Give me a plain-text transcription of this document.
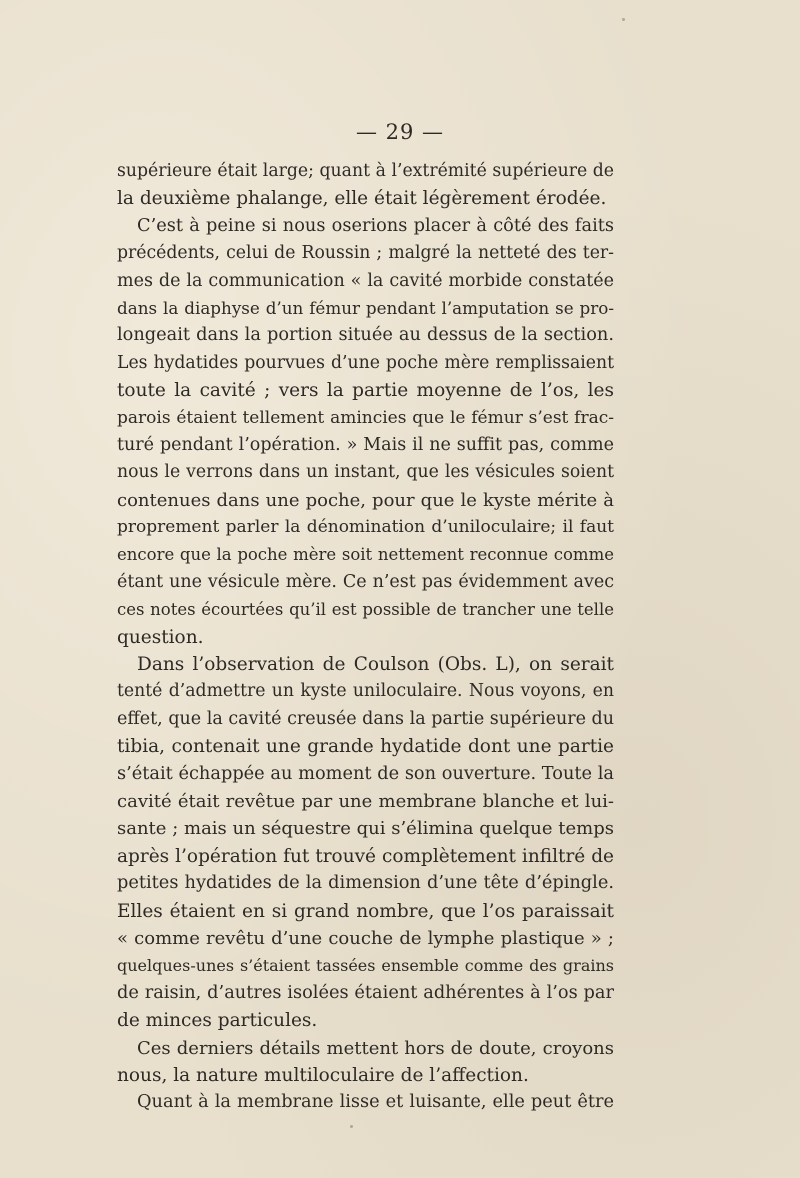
— 29 —
supérieure était large; quant à l’extrémité supérieure de
la deuxième phalange, elle était légèrement érodée.
C’est à peine si nous oserions placer à côté des faits
précédents, celui de Roussin ; malgré la netteté des ter-
mes de la communication « la cavité morbide constatée
dans la diaphyse d’un fémur pendant l’amputation se pro-
longeait dans la portion située au dessus de la section.
Les hydatides pourvues d’une poche mère remplissaient
toute la cavité ; vers la partie moyenne de l’os, les
parois étaient tellement amincies que le fémur s’est frac-
turé pendant l’opération. » Mais il ne suffit pas, comme
nous le verrons dans un instant, que les vésicules soient
contenues dans une poche, pour que le kyste mérite à
proprement parler la dénomination d’uniloculaire; il faut
encore que la poche mère soit nettement reconnue comme
étant une vésicule mère. Ce n’est pas évidemment avec
ces notes écourtées qu’il est possible de trancher une telle
question.
Dans l’observation de Coulson (Obs. L), on serait
tenté d’admettre un kyste uniloculaire. Nous voyons, en
effet, que la cavité creusée dans la partie supérieure du
tibia, contenait une grande hydatide dont une partie
s’était échappée au moment de son ouverture. Toute la
cavité était revêtue par une membrane blanche et lui-
sante ; mais un séquestre qui s’élimina quelque temps
après l’opération fut trouvé complètement infiltré de
petites hydatides de la dimension d’une tête d’épingle.
Elles étaient en si grand nombre, que l’os paraissait
« comme revêtu d’une couche de lymphe plastique » ;
quelques-unes s’étaient tassées ensemble comme des grains
de raisin, d’autres isolées étaient adhérentes à l’os par
de minces particules.
Ces derniers détails mettent hors de doute, croyons
nous, la nature multiloculaire de l’affection.
Quant à la membrane lisse et luisante, elle peut être
